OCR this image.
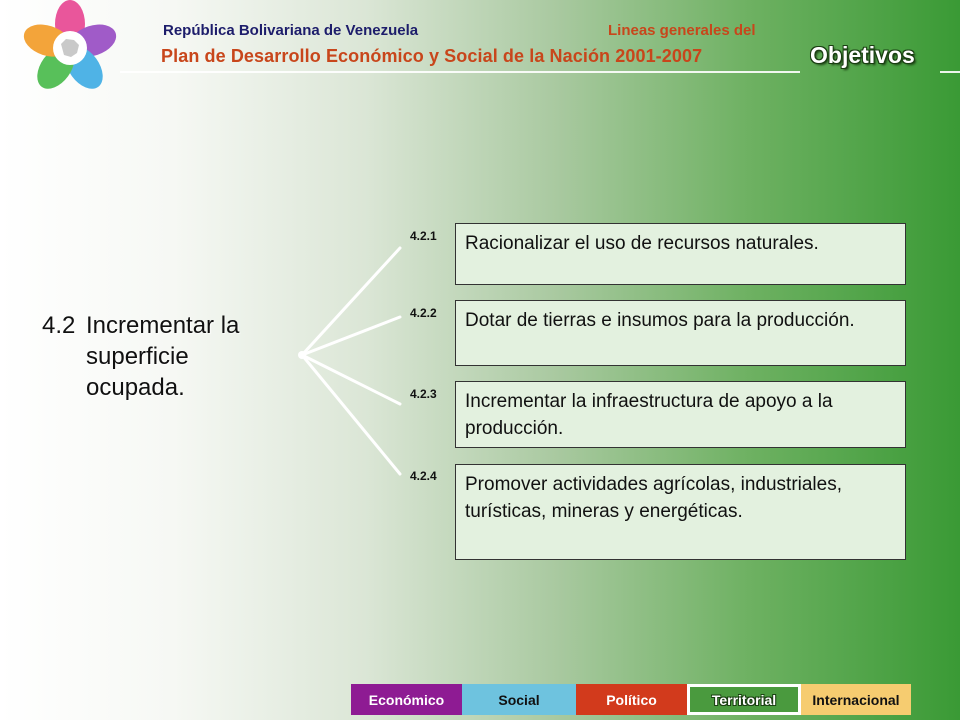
República Bolivariana de Venezuela	Lineas generales del
Plan de Desarrollo Económico y Social de la Nación 2001-2007	Objetivos
4.2 Incrementar la superficie ocupada.
4.2.1	Racionalizar el uso de recursos naturales.
4.2.2	Dotar de tierras e insumos para la producción.
4.2.3	Incrementar la infraestructura de apoyo a la producción.
4.2.4	Promover actividades agrícolas, industriales, turísticas, mineras y energéticas.
Económico	Social	Político	Territorial	Internacional
